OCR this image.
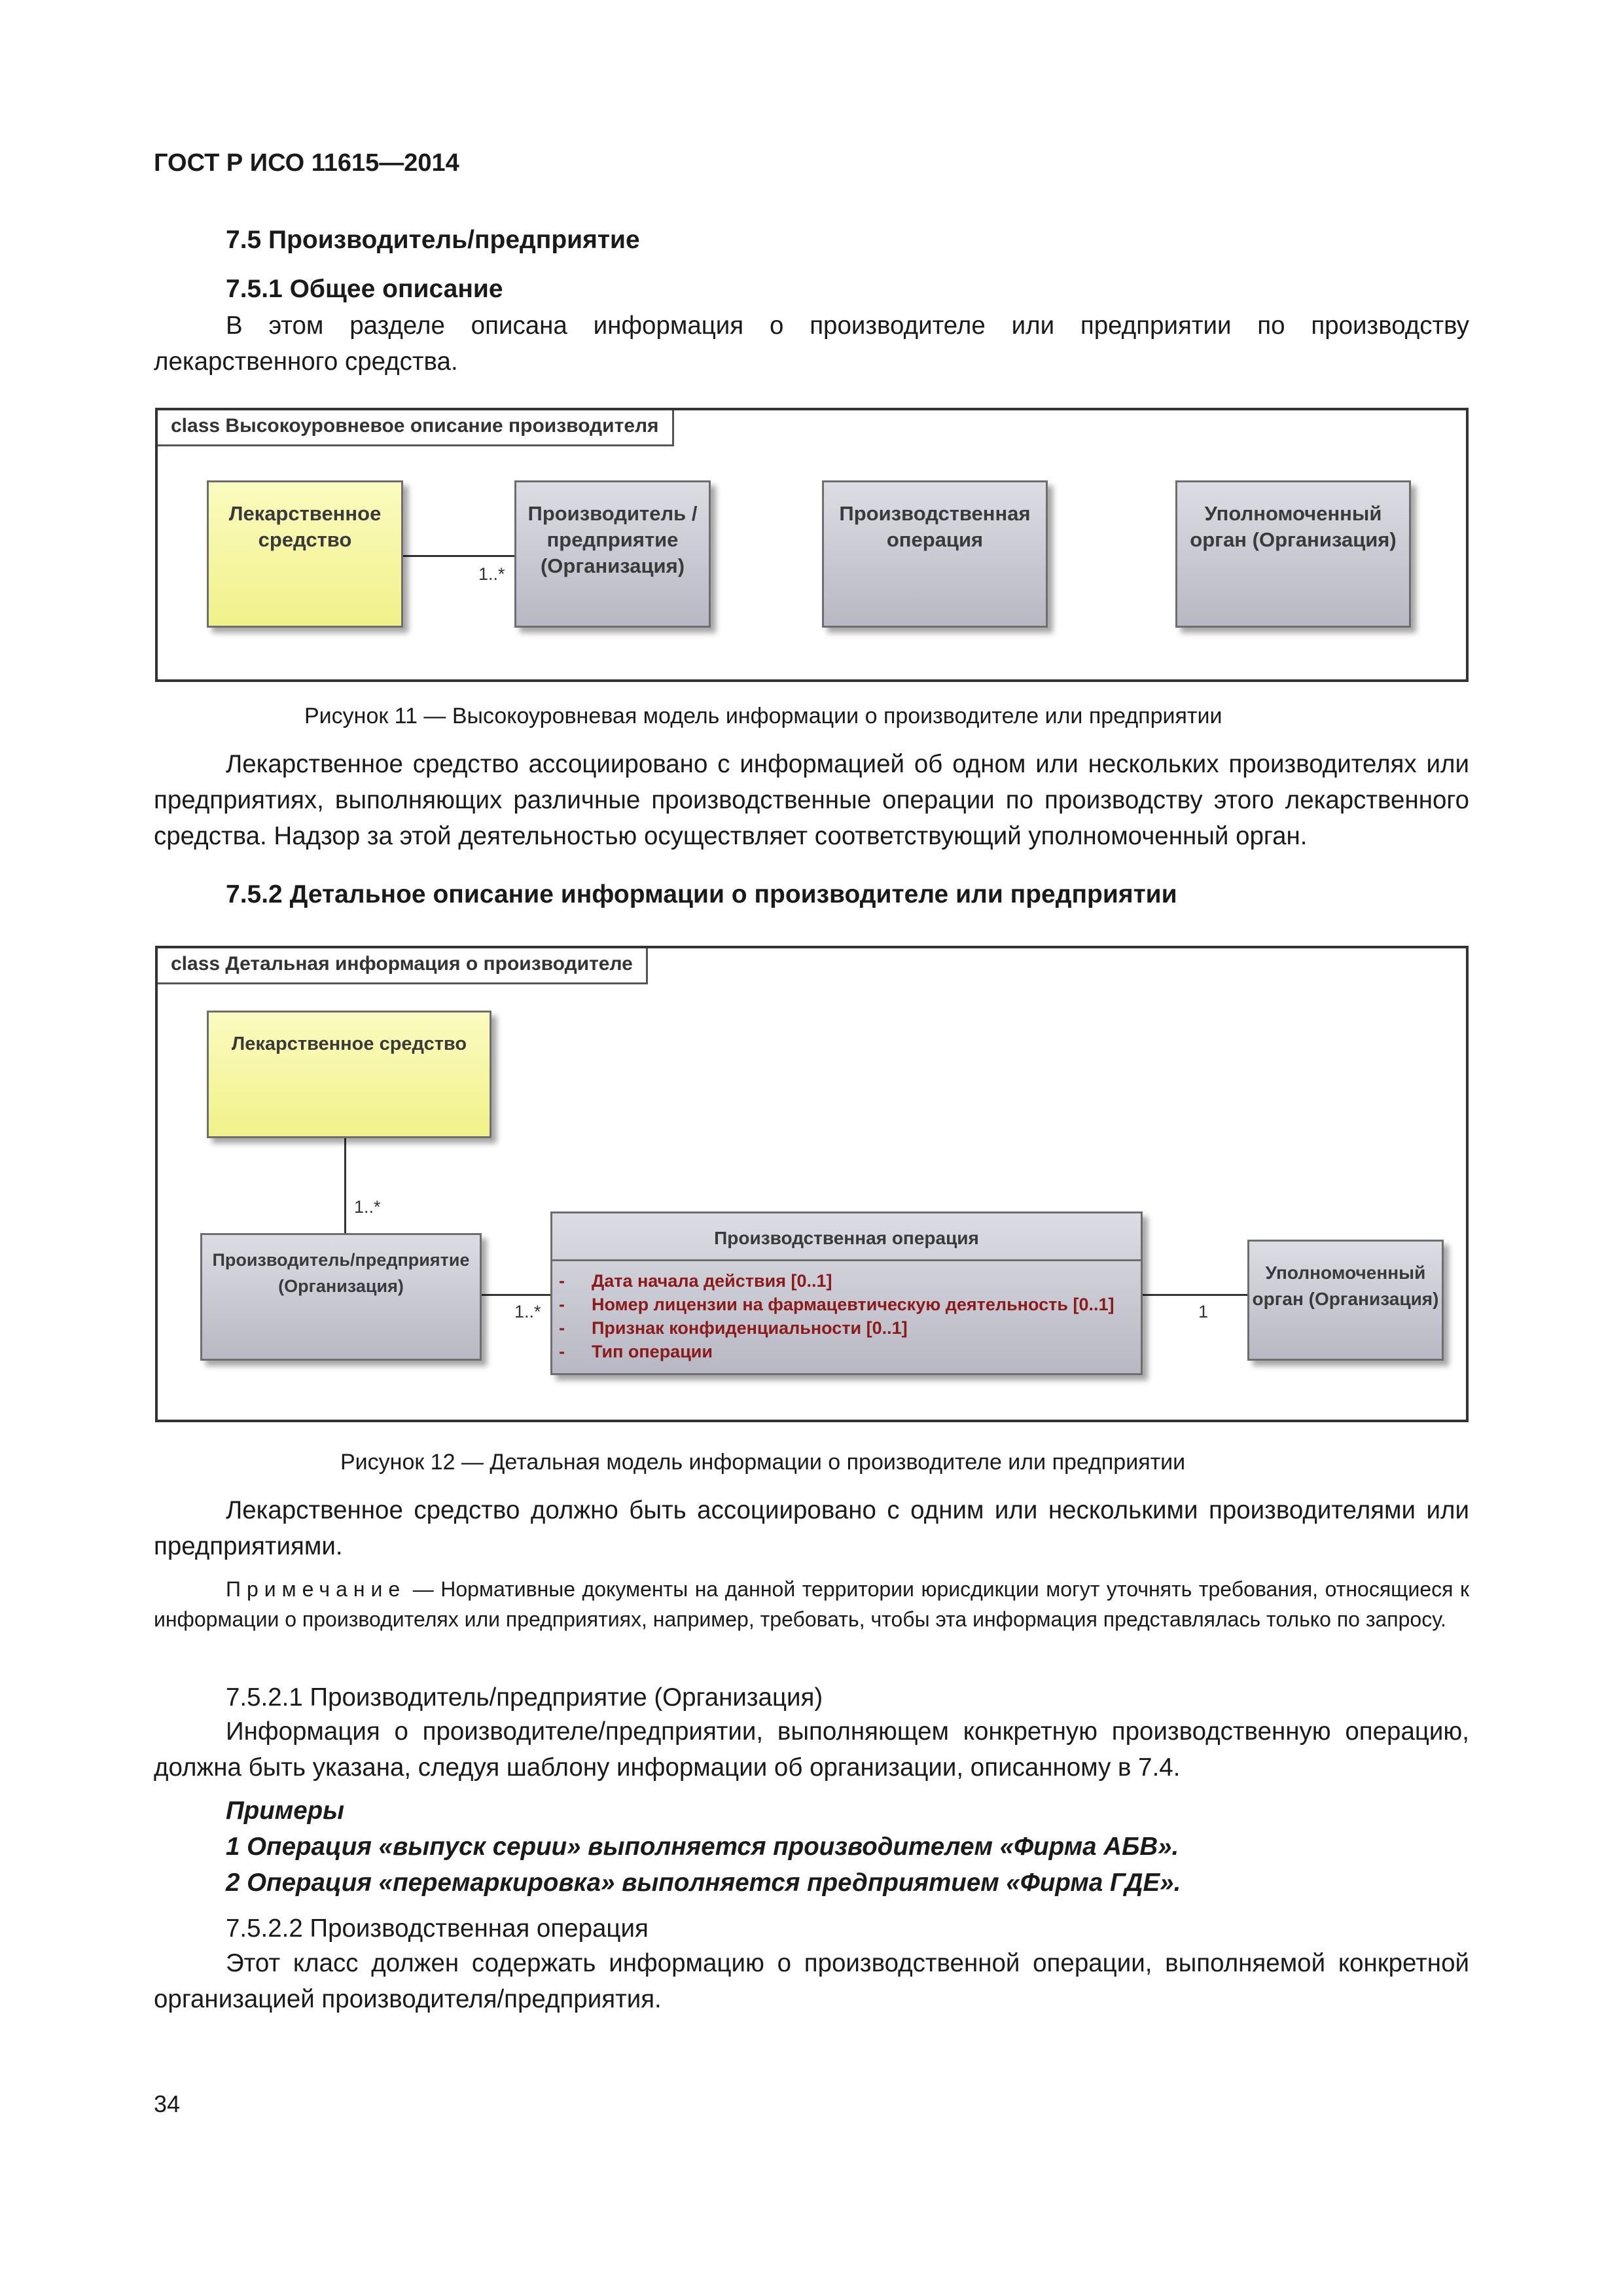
ГОСТ Р ИСО 11615—2014
7.5 Производитель/предприятие
7.5.1 Общее описание

В этом разделе описана информация о производителе или предприятии по производству лекарственного средства.

class Высокоуровневое описание производителя
1..*
Лекарственное средство
Производитель /предприятие (Организация)
Производственная операция
Уполномоченный орган (Организация)
Рисунок 11 — Высокоуровневая модель информации о производителе или предприятии

Лекарственное средство ассоциировано с информацией об одном или нескольких производителях или предприятиях, выполняющих различные производственные операции по производству этого лекарственного средства. Надзор за этой деятельностью осуществляет соответствующий уполномоченный орган.

7.5.2 Детальное описание информации о производителе или предприятии
class Детальная информация о производителе
1..*
1..*	1
Лекарственное средство
Производитель/предприятие (Организация)
Производственная операция
- Дата начала действия [0..1]
- Номер лицензии на фармацевтическую деятельность [0..1]
- Признак конфиденциальности [0..1]
- Тип операции
Уполномоченный орган (Организация)
Рисунок 12 — Детальная модель информации о производителе или предприятии

Лекарственное средство должно быть ассоциировано с одним или несколькими производителями или предприятиями.

Примечание — Нормативные документы на данной территории юрисдикции могут уточнять требования, относящиеся к информации о производителях или предприятиях, например, требовать, чтобы эта информация представлялась только по запросу.

7.5.2.1 Производитель/предприятие (Организация)

Информация о производителе/предприятии, выполняющем конкретную производственную операцию, должна быть указана, следуя шаблону информации об организации, описанному в 7.4.

Примеры
1 Операция «выпуск серии» выполняется производителем «Фирма АБВ».
2 Операция «перемаркировка» выполняется предприятием «Фирма ГДЕ».
7.5.2.2 Производственная операция

Этот класс должен содержать информацию о производственной операции, выполняемой конкретной организацией производителя/предприятия.

34
